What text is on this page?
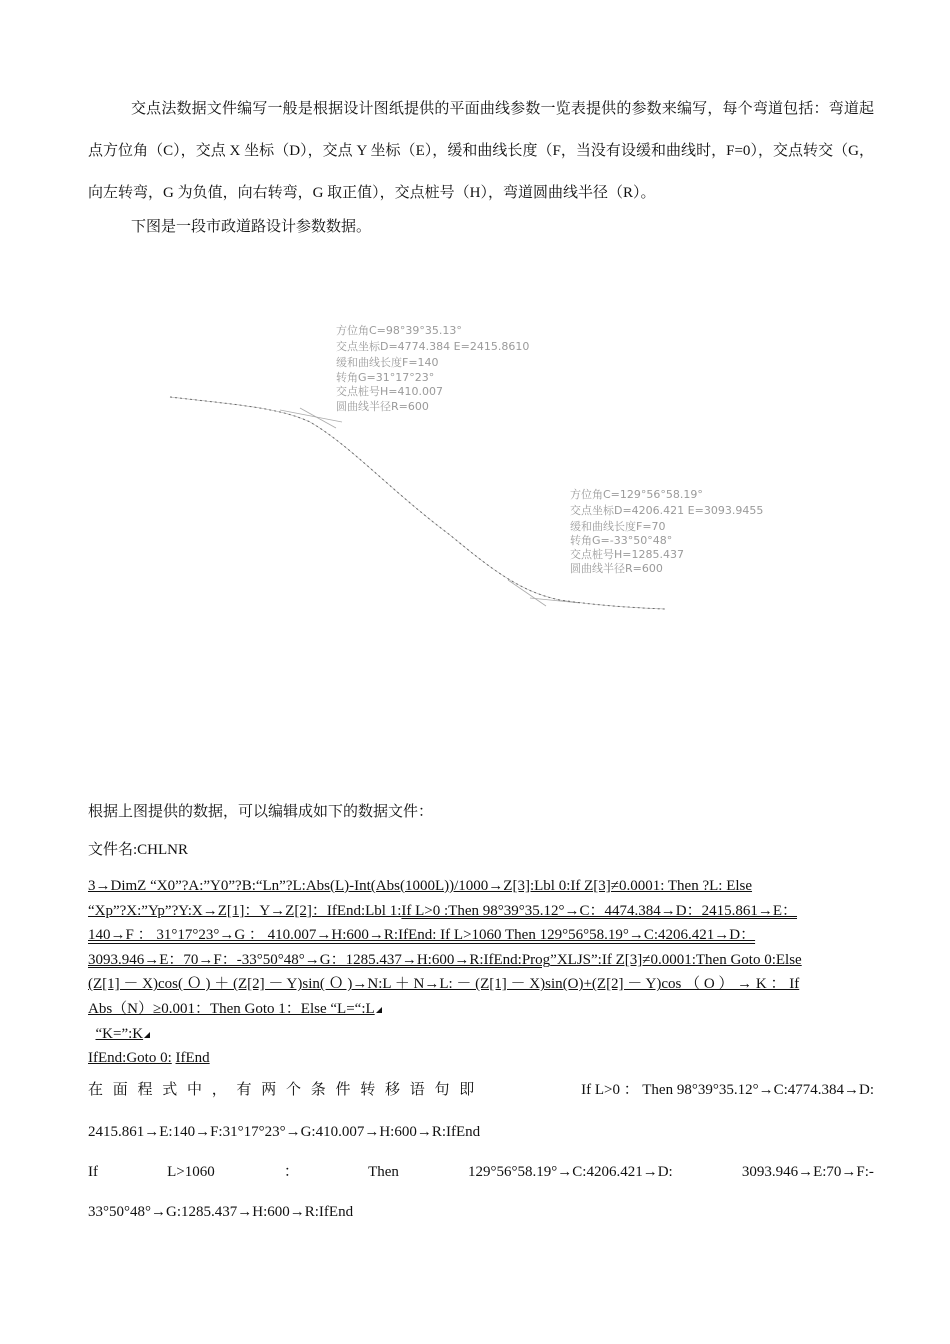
交点法数据文件编写一般是根据设计图纸提供的平面曲线参数一览表提供的参数来编写，每个弯道包括：弯道起点方位角（C），交点 X 坐标（D），交点 Y 坐标（E），缓和曲线长度（F，当没有设缓和曲线时，F=0），交点转交（G，向左转弯，G 为负值，向右转弯，G 取正值），交点桩号（H），弯道圆曲线半径（R）。
下图是一段市政道路设计参数数据。
方位角C=98°39°35.13°
交点坐标D=4774.384 E=2415.8610
缓和曲线长度F=140
转角G=31°17°23°
交点桩号H=410.007
圆曲线半径R=600
方位角C=129°56°58.19°
交点坐标D=4206.421 E=3093.9455
缓和曲线长度F=70
转角G=-33°50°48°
交点桩号H=1285.437
圆曲线半径R=600
根据上图提供的数据，可以编辑成如下的数据文件：
文件名:CHLNR
3→DimZ “X0”?A:”Y0”?B:“Ln”?L:Abs(L)-Int(Abs(1000L))/1000→Z[3]:Lbl 0:If Z[3]≠0.0001: Then ?L: Else
“Xp”?X:”Yp”?Y:X→Z[1]：Y→Z[2]：IfEnd:Lbl 1:If L>0 :Then 98°39°35.12°→C：4474.384→D：2415.861→E：
140→F ： 31°17°23°→G ： 410.007→H:600→R:IfEnd: If L>1060 Then 129°56°58.19°→C:4206.421→D：
3093.946→E：70→F：-33°50°48°→G：1285.437→H:600→R:IfEnd:Prog”XLJS”:If Z[3]≠0.0001:Then Goto 0:Else
(Z[1] － X)cos( Ｏ ) ＋ (Z[2] － Y)sin( Ｏ )→N:L ＋ N→L: － (Z[1] － X)sin(O)+(Z[2] － Y)cos （ O ） → K ： If
Abs（N）≥0.001：Then Goto 1：Else “L=“:L
“K=”:K
IfEnd:Goto 0: IfEnd
在 面 程 式 中 ， 有 两 个 条 件 转 移 语 句 即	If L>0 ： Then 98°39°35.12°→C:4774.384→D:
2415.861→E:140→F:31°17°23°→G:410.007→H:600→R:IfEnd
If	L>1060	：	Then	129°56°58.19°→C:4206.421→D:	3093.946→E:70→F:-
33°50°48°→G:1285.437→H:600→R:IfEnd
